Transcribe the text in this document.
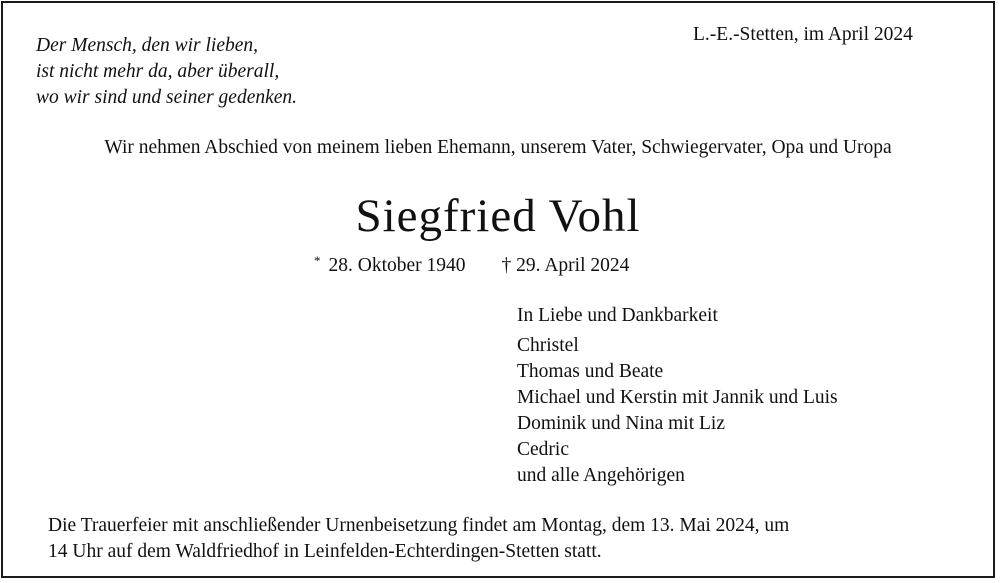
Der Mensch, den wir lieben,
ist nicht mehr da, aber überall,
wo wir sind und seiner gedenken.
L.-E.-Stetten, im April 2024
Wir nehmen Abschied von meinem lieben Ehemann, unserem Vater, Schwiegervater, Opa und Uropa
Siegfried Vohl
* 28. Oktober 1940 † 29. April 2024
In Liebe und Dankbarkeit
Christel
Thomas und Beate
Michael und Kerstin mit Jannik und Luis
Dominik und Nina mit Liz
Cedric
und alle Angehörigen
Die Trauerfeier mit anschließender Urnenbeisetzung findet am Montag, dem 13. Mai 2024, um
14 Uhr auf dem Waldfriedhof in Leinfelden-Echterdingen-Stetten statt.
